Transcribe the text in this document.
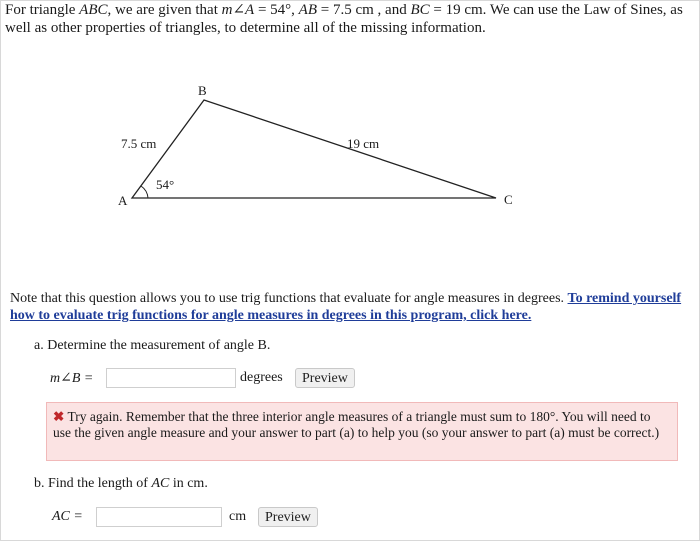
For triangle ABC, we are given that m∠A = 54°, AB = 7.5 cm , and BC = 19 cm. We can use the Law of Sines, as well as other properties of triangles, to determine all of the missing information.
A
B
C
7.5 cm	19 cm
54°
Note that this question allows you to use trig functions that evaluate for angle measures in degrees. To remind yourself how to evaluate trig functions for angle measures in degrees in this program, click here.
a. Determine the measurement of angle B.
m∠B =	degrees	Preview
✖ Try again. Remember that the three interior angle measures of a triangle must sum to 180°. You will need to use the given angle measure and your answer to part (a) to help you (so your answer to part (a) must be correct.)
b. Find the length of AC in cm.
AC =	cm	Preview
